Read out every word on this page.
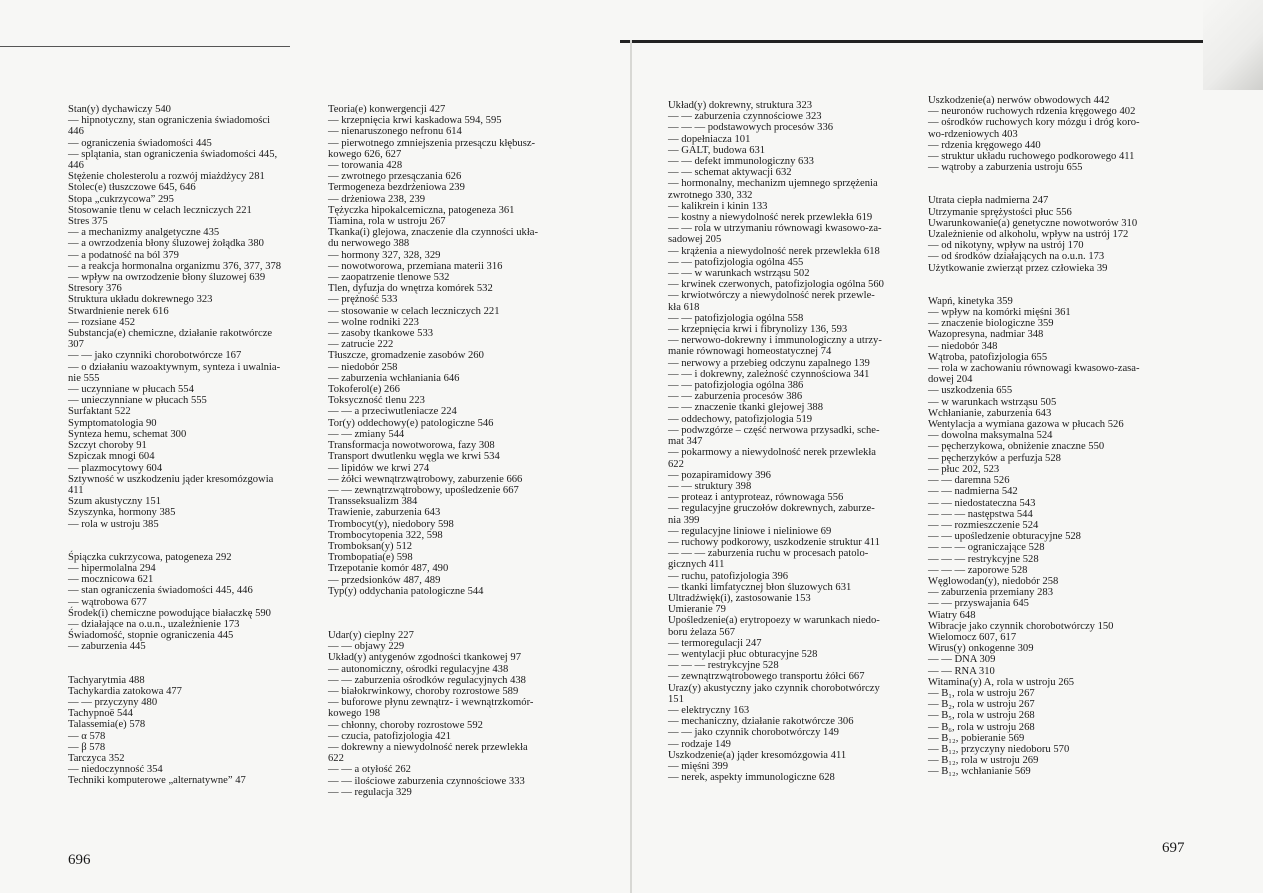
Stan(y) dychawiczy 540
— hipnotyczny, stan ograniczenia świadomości
446
— ograniczenia świadomości 445
— splątania, stan ograniczenia świadomości 445,
446
Stężenie cholesterolu a rozwój miażdżycy 281
Stolec(e) tłuszczowe 645, 646
Stopa „cukrzycowa” 295
Stosowanie tlenu w celach leczniczych 221
Stres 375
— a mechanizmy analgetyczne 435
— a owrzodzenia błony śluzowej żołądka 380
— a podatność na ból 379
— a reakcja hormonalna organizmu 376, 377, 378
— wpływ na owrzodzenie błony śluzowej 639
Stresory 376
Struktura układu dokrewnego 323
Stwardnienie nerek 616
— rozsiane 452
Substancja(e) chemiczne, działanie rakotwórcze
307
— — jako czynniki chorobotwórcze 167
— o działaniu wazoaktywnym, synteza i uwalnia-
nie 555
— uczynniane w płucach 554
— unieczynniane w płucach 555
Surfaktant 522
Symptomatologia 90
Synteza hemu, schemat 300
Szczyt choroby 91
Szpiczak mnogi 604
— plazmocytowy 604
Sztywność w uszkodzeniu jąder kresomózgowia
411
Szum akustyczny 151
Szyszynka, hormony 385
— rola w ustroju 385
Śpiączka cukrzycowa, patogeneza 292
— hipermolalna 294
— mocznicowa 621
— stan ograniczenia świadomości 445, 446
— wątrobowa 677
Środek(i) chemiczne powodujące białaczkę 590
— działające na o.u.n., uzależnienie 173
Świadomość, stopnie ograniczenia 445
— zaburzenia 445
Tachyarytmia 488
Tachykardia zatokowa 477
— — przyczyny 480
Tachypnoë 544
Talassemia(e) 578
— α 578
— β 578
Tarczyca 352
— niedoczynność 354
Techniki komputerowe „alternatywne” 47
Teoria(e) konwergencji 427
— krzepnięcia krwi kaskadowa 594, 595
— nienaruszonego nefronu 614
— pierwotnego zmniejszenia przesączu kłębusz-
kowego 626, 627
— torowania 428
— zwrotnego przesączania 626
Termogeneza bezdrżeniowa 239
— drżeniowa 238, 239
Tężyczka hipokalcemiczna, patogeneza 361
Tiamina, rola w ustroju 267
Tkanka(i) glejowa, znaczenie dla czynności ukła-
du nerwowego 388
— hormony 327, 328, 329
— nowotworowa, przemiana materii 316
— zaopatrzenie tlenowe 532
Tlen, dyfuzja do wnętrza komórek 532
— prężność 533
— stosowanie w celach leczniczych 221
— wolne rodniki 223
— zasoby tkankowe 533
— zatrucie 222
Tłuszcze, gromadzenie zasobów 260
— niedobór 258
— zaburzenia wchłaniania 646
Tokoferol(e) 266
Toksyczność tlenu 223
— — a przeciwutleniacze 224
Tor(y) oddechowy(e) patologiczne 546
— — zmiany 544
Transformacja nowotworowa, fazy 308
Transport dwutlenku węgla we krwi 534
— lipidów we krwi 274
— żółci wewnątrzwątrobowy, zaburzenie 666
— — zewnątrzwątrobowy, upośledzenie 667
Transseksualizm 384
Trawienie, zaburzenia 643
Trombocyt(y), niedobory 598
Trombocytopenia 322, 598
Tromboksan(y) 512
Trombopatia(e) 598
Trzepotanie komór 487, 490
— przedsionków 487, 489
Typ(y) oddychania patologiczne 544
Udar(y) cieplny 227
— — objawy 229
Układ(y) antygenów zgodności tkankowej 97
— autonomiczny, ośrodki regulacyjne 438
— — zaburzenia ośrodków regulacyjnych 438
— białokrwinkowy, choroby rozrostowe 589
— buforowe płynu zewnątrz- i wewnątrzkomór-
kowego 198
— chłonny, choroby rozrostowe 592
— czucia, patofizjologia 421
— dokrewny a niewydolność nerek przewlekła
622
— — a otyłość 262
— — ilościowe zaburzenia czynnościowe 333
— — regulacja 329
Układ(y) dokrewny, struktura 323
— — zaburzenia czynnościowe 323
— — — podstawowych procesów 336
— dopełniacza 101
— GALT, budowa 631
— — defekt immunologiczny 633
— — schemat aktywacji 632
— hormonalny, mechanizm ujemnego sprzężenia
zwrotnego 330, 332
— kalikrein i kinin 133
— kostny a niewydolność nerek przewlekła 619
— — rola w utrzymaniu równowagi kwasowo-za-
sadowej 205
— krążenia a niewydolność nerek przewlekła 618
— — patofizjologia ogólna 455
— — w warunkach wstrząsu 502
— krwinek czerwonych, patofizjologia ogólna 560
— krwiotwórczy a niewydolność nerek przewle-
kła 618
— — patofizjologia ogólna 558
— krzepnięcia krwi i fibrynolizy 136, 593
— nerwowo-dokrewny i immunologiczny a utrzy-
manie równowagi homeostatycznej 74
— nerwowy a przebieg odczynu zapalnego 139
— — i dokrewny, zależność czynnościowa 341
— — patofizjologia ogólna 386
— — zaburzenia procesów 386
— — znaczenie tkanki glejowej 388
— oddechowy, patofizjologia 519
— podwzgórze – część nerwowa przysadki, sche-
mat 347
— pokarmowy a niewydolność nerek przewlekła
622
— pozapiramidowy 396
— — struktury 398
— proteaz i antyproteaz, równowaga 556
— regulacyjne gruczołów dokrewnych, zaburze-
nia 399
— regulacyjne liniowe i nieliniowe 69
— ruchowy podkorowy, uszkodzenie struktur 411
— — — zaburzenia ruchu w procesach patolo-
gicznych 411
— ruchu, patofizjologia 396
— tkanki limfatycznej błon śluzowych 631
Ultradźwięk(i), zastosowanie 153
Umieranie 79
Upośledzenie(a) erytropoezy w warunkach niedo-
boru żelaza 567
— termoregulacji 247
— wentylacji płuc obturacyjne 528
— — — restrykcyjne 528
— zewnątrzwątrobowego transportu żółci 667
Uraz(y) akustyczny jako czynnik chorobotwórczy
151
— elektryczny 163
— mechaniczny, działanie rakotwórcze 306
— — jako czynnik chorobotwórczy 149
— rodzaje 149
Uszkodzenie(a) jąder kresomózgowia 411
— mięśni 399
— nerek, aspekty immunologiczne 628
Uszkodzenie(a) nerwów obwodowych 442
— neuronów ruchowych rdzenia kręgowego 402
— ośrodków ruchowych kory mózgu i dróg koro-
wo-rdzeniowych 403
— rdzenia kręgowego 440
— struktur układu ruchowego podkorowego 411
— wątroby a zaburzenia ustroju 655
Utrata ciepła nadmierna 247
Utrzymanie sprężystości płuc 556
Uwarunkowanie(a) genetyczne nowotworów 310
Uzależnienie od alkoholu, wpływ na ustrój 172
— od nikotyny, wpływ na ustrój 170
— od środków działających na o.u.n. 173
Użytkowanie zwierząt przez człowieka 39
Wapń, kinetyka 359
— wpływ na komórki mięśni 361
— znaczenie biologiczne 359
Wazopresyna, nadmiar 348
— niedobór 348
Wątroba, patofizjologia 655
— rola w zachowaniu równowagi kwasowo-zasa-
dowej 204
— uszkodzenia 655
— w warunkach wstrząsu 505
Wchłanianie, zaburzenia 643
Wentylacja a wymiana gazowa w płucach 526
— dowolna maksymalna 524
— pęcherzykowa, obniżenie znaczne 550
— pęcherzyków a perfuzja 528
— płuc 202, 523
— — daremna 526
— — nadmierna 542
— — niedostateczna 543
— — — następstwa 544
— — rozmieszczenie 524
— — upośledzenie obturacyjne 528
— — — ograniczające 528
— — — restrykcyjne 528
— — — zaporowe 528
Węglowodan(y), niedobór 258
— zaburzenia przemiany 283
— — przyswajania 645
Wiatry 648
Wibracje jako czynnik chorobotwórczy 150
Wielomocz 607, 617
Wirus(y) onkogenne 309
— — DNA 309
— — RNA 310
Witamina(y) A, rola w ustroju 265
— B₁, rola w ustroju 267
— B₂, rola w ustroju 267
— B₅, rola w ustroju 268
— B₆, rola w ustroju 268
— B₁₂, pobieranie 569
— B₁₂, przyczyny niedoboru 570
— B₁₂, rola w ustroju 269
— B₁₂, wchłanianie 569
696
697
